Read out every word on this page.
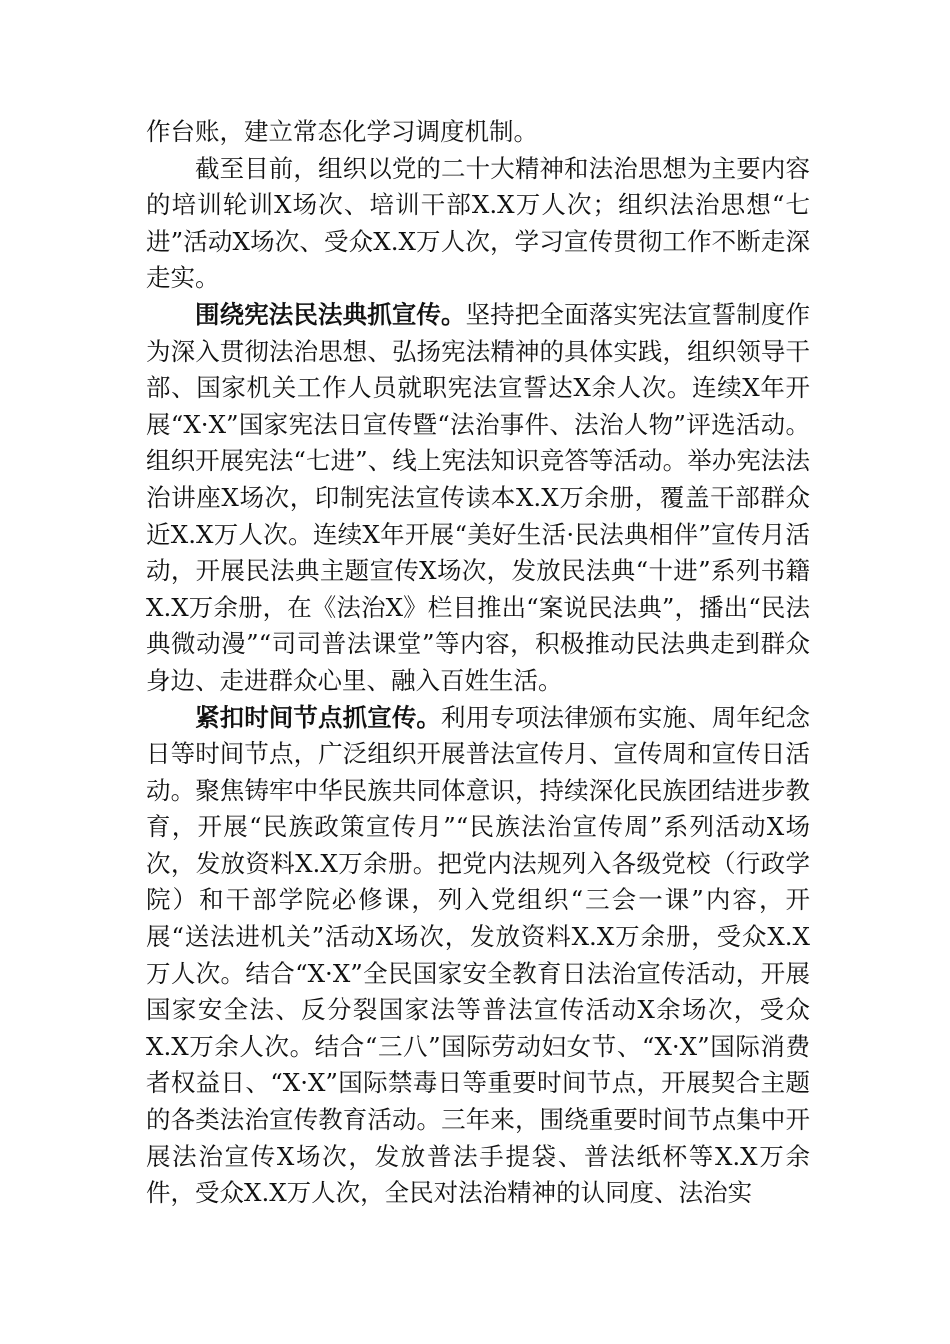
作台账，建立常态化学习调度机制。

截至目前，组织以党的二十大精神和法治思想为主要内容的培训轮训X场次、培训干部X.X万人次；组织法治思想“七进”活动X场次、受众X.X万人次，学习宣传贯彻工作不断走深走实。

围绕宪法民法典抓宣传。坚持把全面落实宪法宣誓制度作为深入贯彻法治思想、弘扬宪法精神的具体实践，组织领导干部、国家机关工作人员就职宪法宣誓达X余人次。连续X年开展“X·X”国家宪法日宣传暨“法治事件、法治人物”评选活动。组织开展宪法“七进”、线上宪法知识竞答等活动。举办宪法法治讲座X场次，印制宪法宣传读本X.X万余册，覆盖干部群众近X.X万人次。连续X年开展“美好生活·民法典相伴”宣传月活动，开展民法典主题宣传X场次，发放民法典“十进”系列书籍X.X万余册，在《法治X》栏目推出“案说民法典”，播出“民法典微动漫”“司司普法课堂”等内容，积极推动民法典走到群众身边、走进群众心里、融入百姓生活。

紧扣时间节点抓宣传。利用专项法律颁布实施、周年纪念日等时间节点，广泛组织开展普法宣传月、宣传周和宣传日活动。聚焦铸牢中华民族共同体意识，持续深化民族团结进步教育，开展“民族政策宣传月”“民族法治宣传周”系列活动X场次，发放资料X.X万余册。把党内法规列入各级党校（行政学院）和干部学院必修课，列入党组织“三会一课”内容，开展“送法进机关”活动X场次，发放资料X.X万余册，受众X.X万人次。结合“X·X”全民国家安全教育日法治宣传活动，开展国家安全法、反分裂国家法等普法宣传活动X余场次，受众X.X万余人次。结合“三八”国际劳动妇女节、“X·X”国际消费者权益日、“X·X”国际禁毒日等重要时间节点，开展契合主题的各类法治宣传教育活动。三年来，围绕重要时间节点集中开展法治宣传X场次，发放普法手提袋、普法纸杯等X.X万余件，受众X.X万人次，全民对法治精神的认同度、法治实
